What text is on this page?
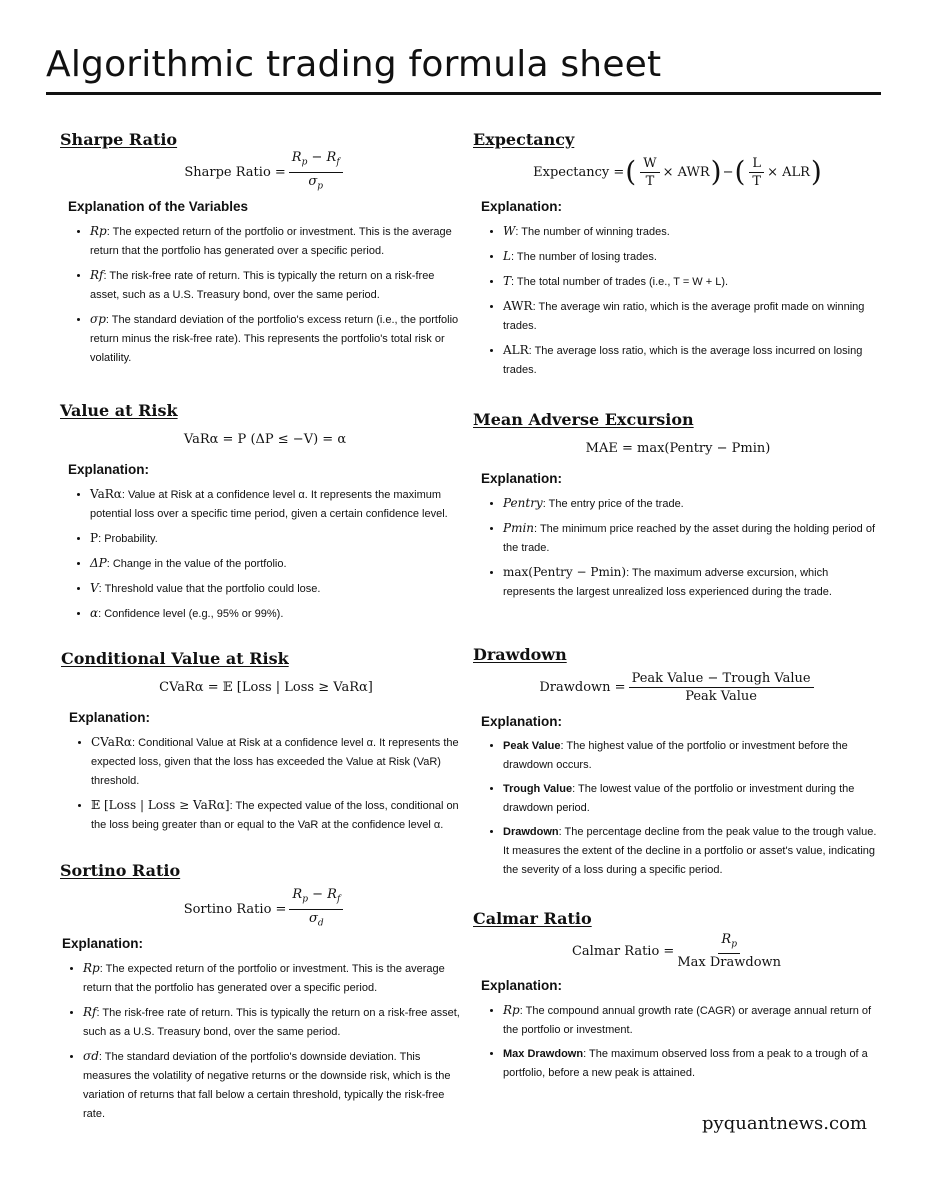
Algorithmic trading formula sheet
Sharpe Ratio
Sharpe Ratio = $\frac{R_p - R_f}{\sigma_p}$
Explanation of the Variables
• Rp: The expected return of the portfolio or investment. This is the average return that the portfolio has generated over a specific period.
• Rf: The risk-free rate of return. This is typically the return on a risk-free asset, such as a U.S. Treasury bond, over the same period.
• σp: The standard deviation of the portfolio's excess return (i.e., the portfolio return minus the risk-free rate). This represents the portfolio's total risk or volatility.
Expectancy
Expectancy = ( $\frac{W}{T}$ × AWR ) − ( $\frac{L}{T}$ × ALR )
Explanation:
• W: The number of winning trades.
• L: The number of losing trades.
• T: The total number of trades (i.e., T = W + L).
• AWR: The average win ratio, which is the average profit made on winning trades.
• ALR: The average loss ratio, which is the average loss incurred on losing trades.
Value at Risk
VaRα = P (ΔP ≤ −V) = α
Explanation:
• VaRα: Value at Risk at a confidence level α. It represents the maximum potential loss over a specific time period, given a certain confidence level.
• P: Probability.
• ΔP: Change in the value of the portfolio.
• V: Threshold value that the portfolio could lose.
• α: Confidence level (e.g., 95% or 99%).
Mean Adverse Excursion
MAE = max(Pentry − Pmin)
Explanation:
• Pentry: The entry price of the trade.
• Pmin: The minimum price reached by the asset during the holding period of the trade.
• max(Pentry − Pmin): The maximum adverse excursion, which represents the largest unrealized loss experienced during the trade.
Conditional Value at Risk
CVaRα = 𝔼 [Loss | Loss ≥ VaRα]
Explanation:
• CVaRα: Conditional Value at Risk at a confidence level α. It represents the expected loss, given that the loss has exceeded the Value at Risk (VaR) threshold.
• 𝔼 [Loss | Loss ≥ VaRα]: The expected value of the loss, conditional on the loss being greater than or equal to the VaR at the confidence level α.
Drawdown
Drawdown = $\frac{\text{Peak Value − Trough Value}}{\text{Peak Value}}$
Explanation:
• Peak Value: The highest value of the portfolio or investment before the drawdown occurs.
• Trough Value: The lowest value of the portfolio or investment during the drawdown period.
• Drawdown: The percentage decline from the peak value to the trough value. It measures the extent of the decline in a portfolio or asset's value, indicating the severity of a loss during a specific period.
Sortino Ratio
Sortino Ratio = $\frac{R_p - R_f}{\sigma_d}$
Explanation:
• Rp: The expected return of the portfolio or investment. This is the average return that the portfolio has generated over a specific period.
• Rf: The risk-free rate of return. This is typically the return on a risk-free asset, such as a U.S. Treasury bond, over the same period.
• σd: The standard deviation of the portfolio's downside deviation. This measures the volatility of negative returns or the downside risk, which is the variation of returns that fall below a certain threshold, typically the risk-free rate.
Calmar Ratio
Calmar Ratio = $\frac{R_p}{\text{Max Drawdown}}$
Explanation:
• Rp: The compound annual growth rate (CAGR) or average annual return of the portfolio or investment.
• Max Drawdown: The maximum observed loss from a peak to a trough of a portfolio, before a new peak is attained.
pyquantnews.com
